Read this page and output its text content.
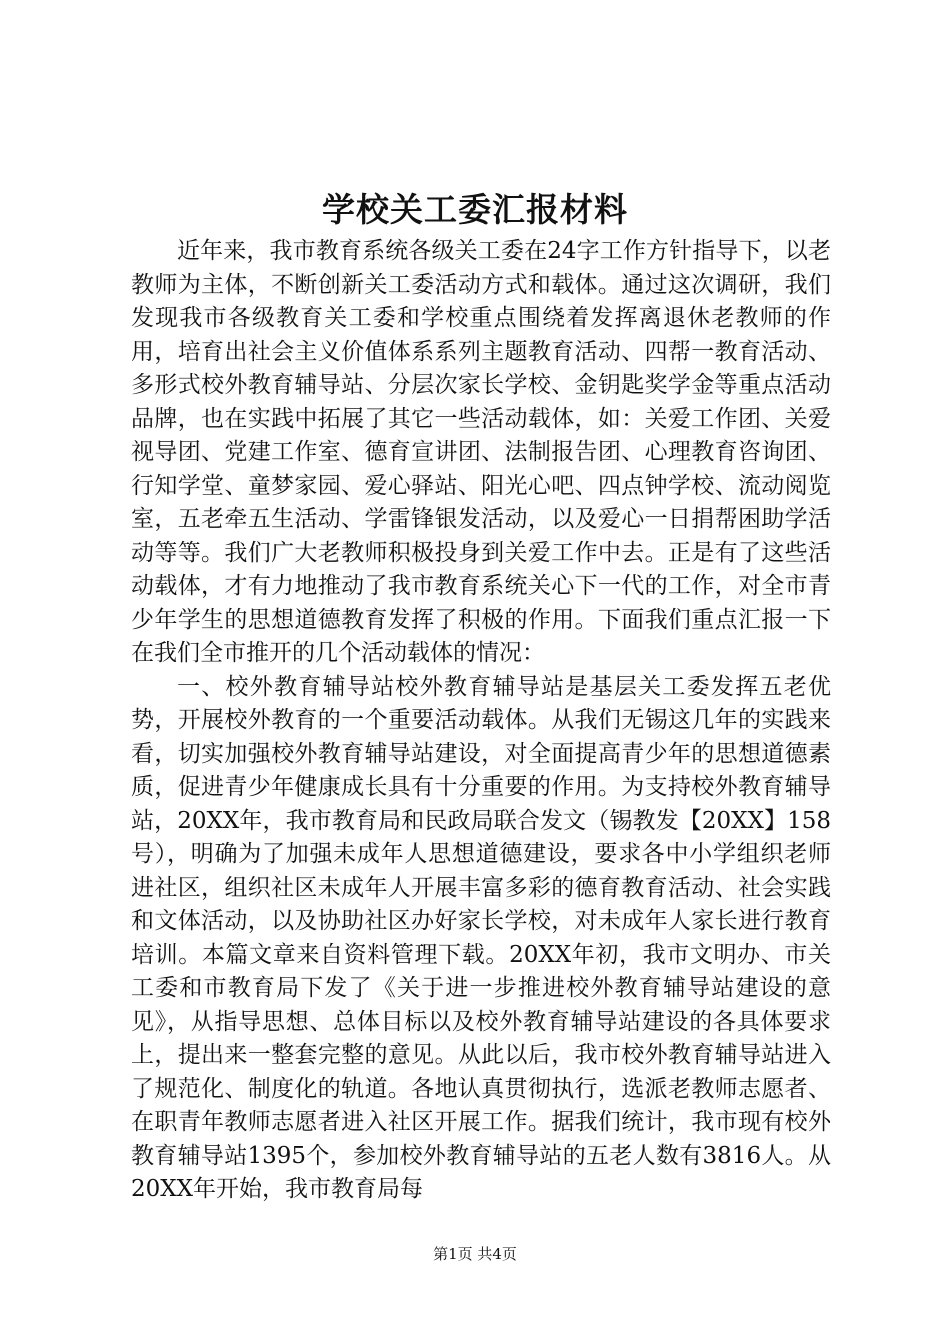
学校关工委汇报材料

近年来，我市教育系统各级关工委在24字工作方针指导下，以老教师为主体，不断创新关工委活动方式和载体。通过这次调研，我们发现我市各级教育关工委和学校重点围绕着发挥离退休老教师的作用，培育出社会主义价值体系系列主题教育活动、四帮一教育活动、多形式校外教育辅导站、分层次家长学校、金钥匙奖学金等重点活动品牌，也在实践中拓展了其它一些活动载体，如：关爱工作团、关爱视导团、党建工作室、德育宣讲团、法制报告团、心理教育咨询团、行知学堂、童梦家园、爱心驿站、阳光心吧、四点钟学校、流动阅览室，五老牵五生活动、学雷锋银发活动，以及爱心一日捐帮困助学活动等等。我们广大老教师积极投身到关爱工作中去。正是有了这些活动载体，才有力地推动了我市教育系统关心下一代的工作，对全市青少年学生的思想道德教育发挥了积极的作用。下面我们重点汇报一下在我们全市推开的几个活动载体的情况：

一、校外教育辅导站校外教育辅导站是基层关工委发挥五老优势，开展校外教育的一个重要活动载体。从我们无锡这几年的实践来看，切实加强校外教育辅导站建设，对全面提高青少年的思想道德素质，促进青少年健康成长具有十分重要的作用。为支持校外教育辅导站，20XX年，我市教育局和民政局联合发文（锡教发【20XX】158号），明确为了加强未成年人思想道德建设，要求各中小学组织老师进社区，组织社区未成年人开展丰富多彩的德育教育活动、社会实践和文体活动，以及协助社区办好家长学校，对未成年人家长进行教育培训。本篇文章来自资料管理下载。20XX年初，我市文明办、市关工委和市教育局下发了《关于进一步推进校外教育辅导站建设的意见》，从指导思想、总体目标以及校外教育辅导站建设的各具体要求上，提出来一整套完整的意见。从此以后，我市校外教育辅导站进入了规范化、制度化的轨道。各地认真贯彻执行，选派老教师志愿者、在职青年教师志愿者进入社区开展工作。据我们统计，我市现有校外教育辅导站1395个，参加校外教育辅导站的五老人数有3816人。从20XX年开始，我市教育局每

第1页 共4页
